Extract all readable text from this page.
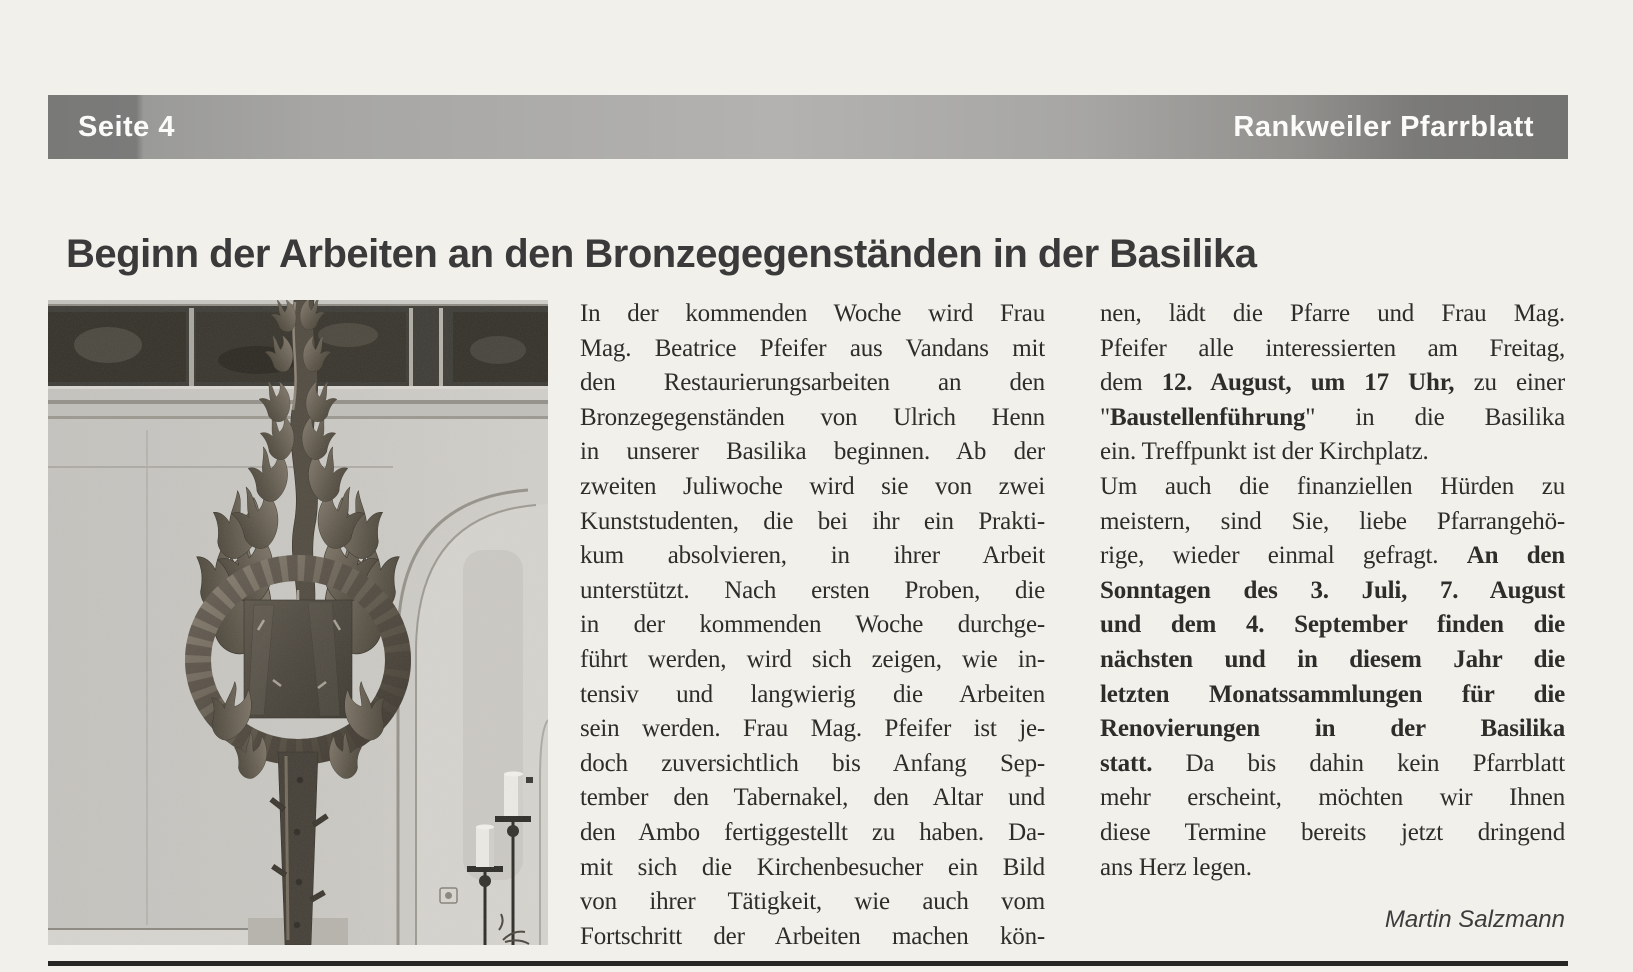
Seite 4	Rankweiler Pfarrblatt
Beginn der Arbeiten an den Bronzegegenständen in der Basilika
In der kommenden Woche wird Frau
Mag. Beatrice Pfeifer aus Vandans mit
den Restaurierungsarbeiten an den
Bronzegegenständen von Ulrich Henn
in unserer Basilika beginnen. Ab der
zweiten Juliwoche wird sie von zwei
Kunststudenten, die bei ihr ein Prakti-
kum absolvieren, in ihrer Arbeit
unterstützt. Nach ersten Proben, die
in der kommenden Woche durchge-
führt werden, wird sich zeigen, wie in-
tensiv und langwierig die Arbeiten
sein werden. Frau Mag. Pfeifer ist je-
doch zuversichtlich bis Anfang Sep-
tember den Tabernakel, den Altar und
den Ambo fertiggestellt zu haben. Da-
mit sich die Kirchenbesucher ein Bild
von ihrer Tätigkeit, wie auch vom
Fortschritt der Arbeiten machen kön-
nen, lädt die Pfarre und Frau Mag.
Pfeifer alle interessierten am Freitag,
dem 12. August, um 17 Uhr, zu einer
"Baustellenführung" in die Basilika
ein. Treffpunkt ist der Kirchplatz.
Um auch die finanziellen Hürden zu
meistern, sind Sie, liebe Pfarrangehö-
rige, wieder einmal gefragt. An den
Sonntagen des 3. Juli, 7. August
und dem 4. September finden die
nächsten und in diesem Jahr die
letzten Monatssammlungen für die
Renovierungen in der Basilika
statt. Da bis dahin kein Pfarrblatt
mehr erscheint, möchten wir Ihnen
diese Termine bereits jetzt dringend
ans Herz legen.
Martin Salzmann
